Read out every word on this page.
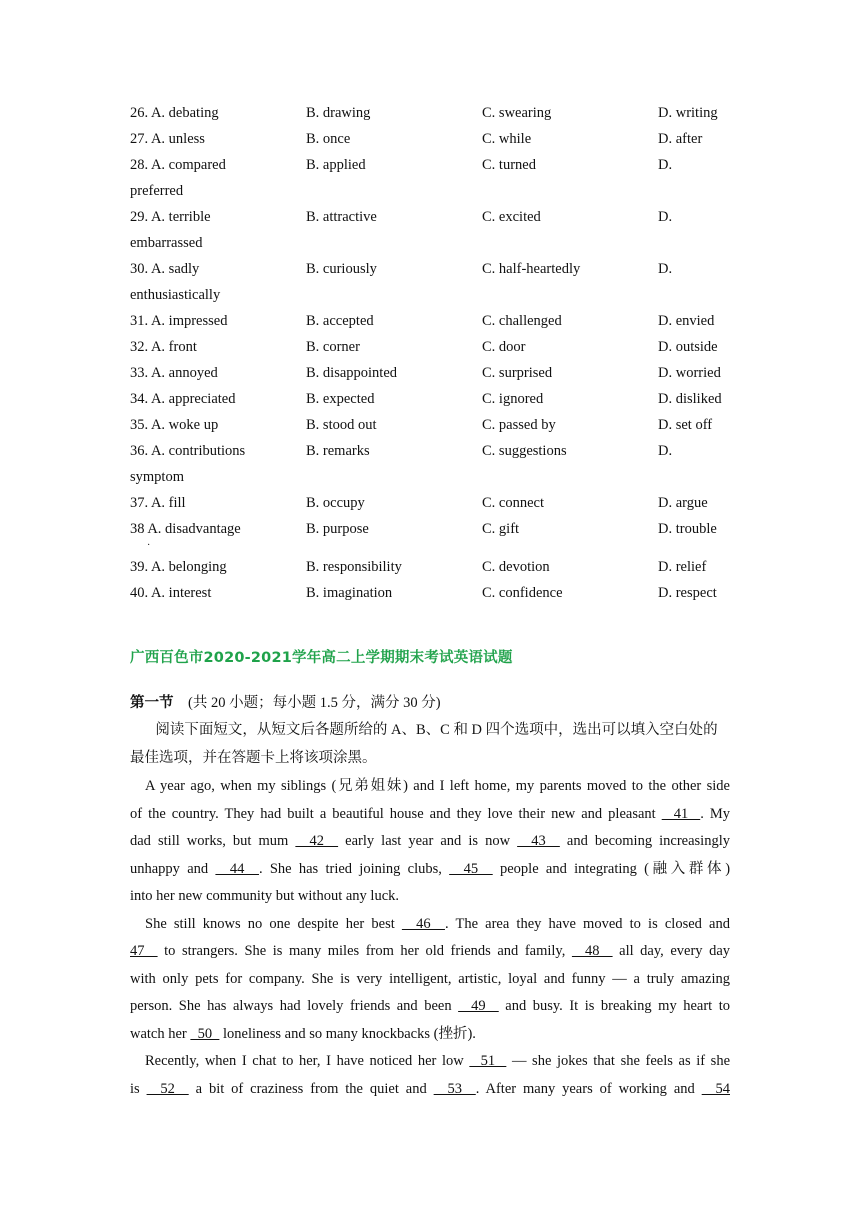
26. A. debating	B. drawing	C. swearing	D. writing
27. A. unless	B. once	C. while	D. after
28. A. compared	B. applied	C. turned	D.
preferred
29. A. terrible	B. attractive	C. excited	D.
embarrassed
30. A. sadly	B. curiously	C. half-heartedly	D.
enthusiastically
31. A. impressed	B. accepted	C. challenged	D. envied
32. A. front	B. corner	C. door	D. outside
33. A. annoyed	B. disappointed	C. surprised	D. worried
34. A. appreciated	B. expected	C. ignored	D. disliked
35. A. woke up	B. stood out	C. passed by	D. set off
36. A. contributions	B. remarks	C. suggestions	D.
symptom
37. A. fill	B. occupy	C. connect	D. argue
38 A. disadvantage	B. purpose	C. gift	D. trouble
39. A. belonging	B. responsibility	C. devotion	D. relief
40. A. interest	B. imagination	C. confidence	D. respect
·
广西百色市2020-2021学年高二上学期期末考试英语试题
第一节 (共 20 小题；每小题 1.5 分，满分 30 分)
阅读下面短文，从短文后各题所给的 A、B、C 和 D 四个选项中，选出可以填入空白处的最佳选项，并在答题卡上将该项涂黑。
A year ago, when my siblings (兄弟姐妹) and I left home, my parents moved to the other side
of the country. They had built a beautiful house and they love their new and pleasant   41  . My
dad still works, but mum   42   early last year and is now   43   and becoming increasingly
unhappy and   44  . She has tried joining clubs,   45   people and integrating (融入群体)
into her new community but without any luck.
She still knows no one despite her best   46  . The area they have moved to is closed and
47   to strangers. She is many miles from her old friends and family,   48   all day, every day
with only pets for company. She is very intelligent, artistic, loyal and funny — a truly amazing
person. She has always had lovely friends and been   49   and busy. It is breaking my heart to
watch her   50   loneliness and so many knockbacks (挫折).
Recently, when I chat to her, I have noticed her low   51   — she jokes that she feels as if she
is   52   a bit of craziness from the quiet and   53  . After many years of working and   54
